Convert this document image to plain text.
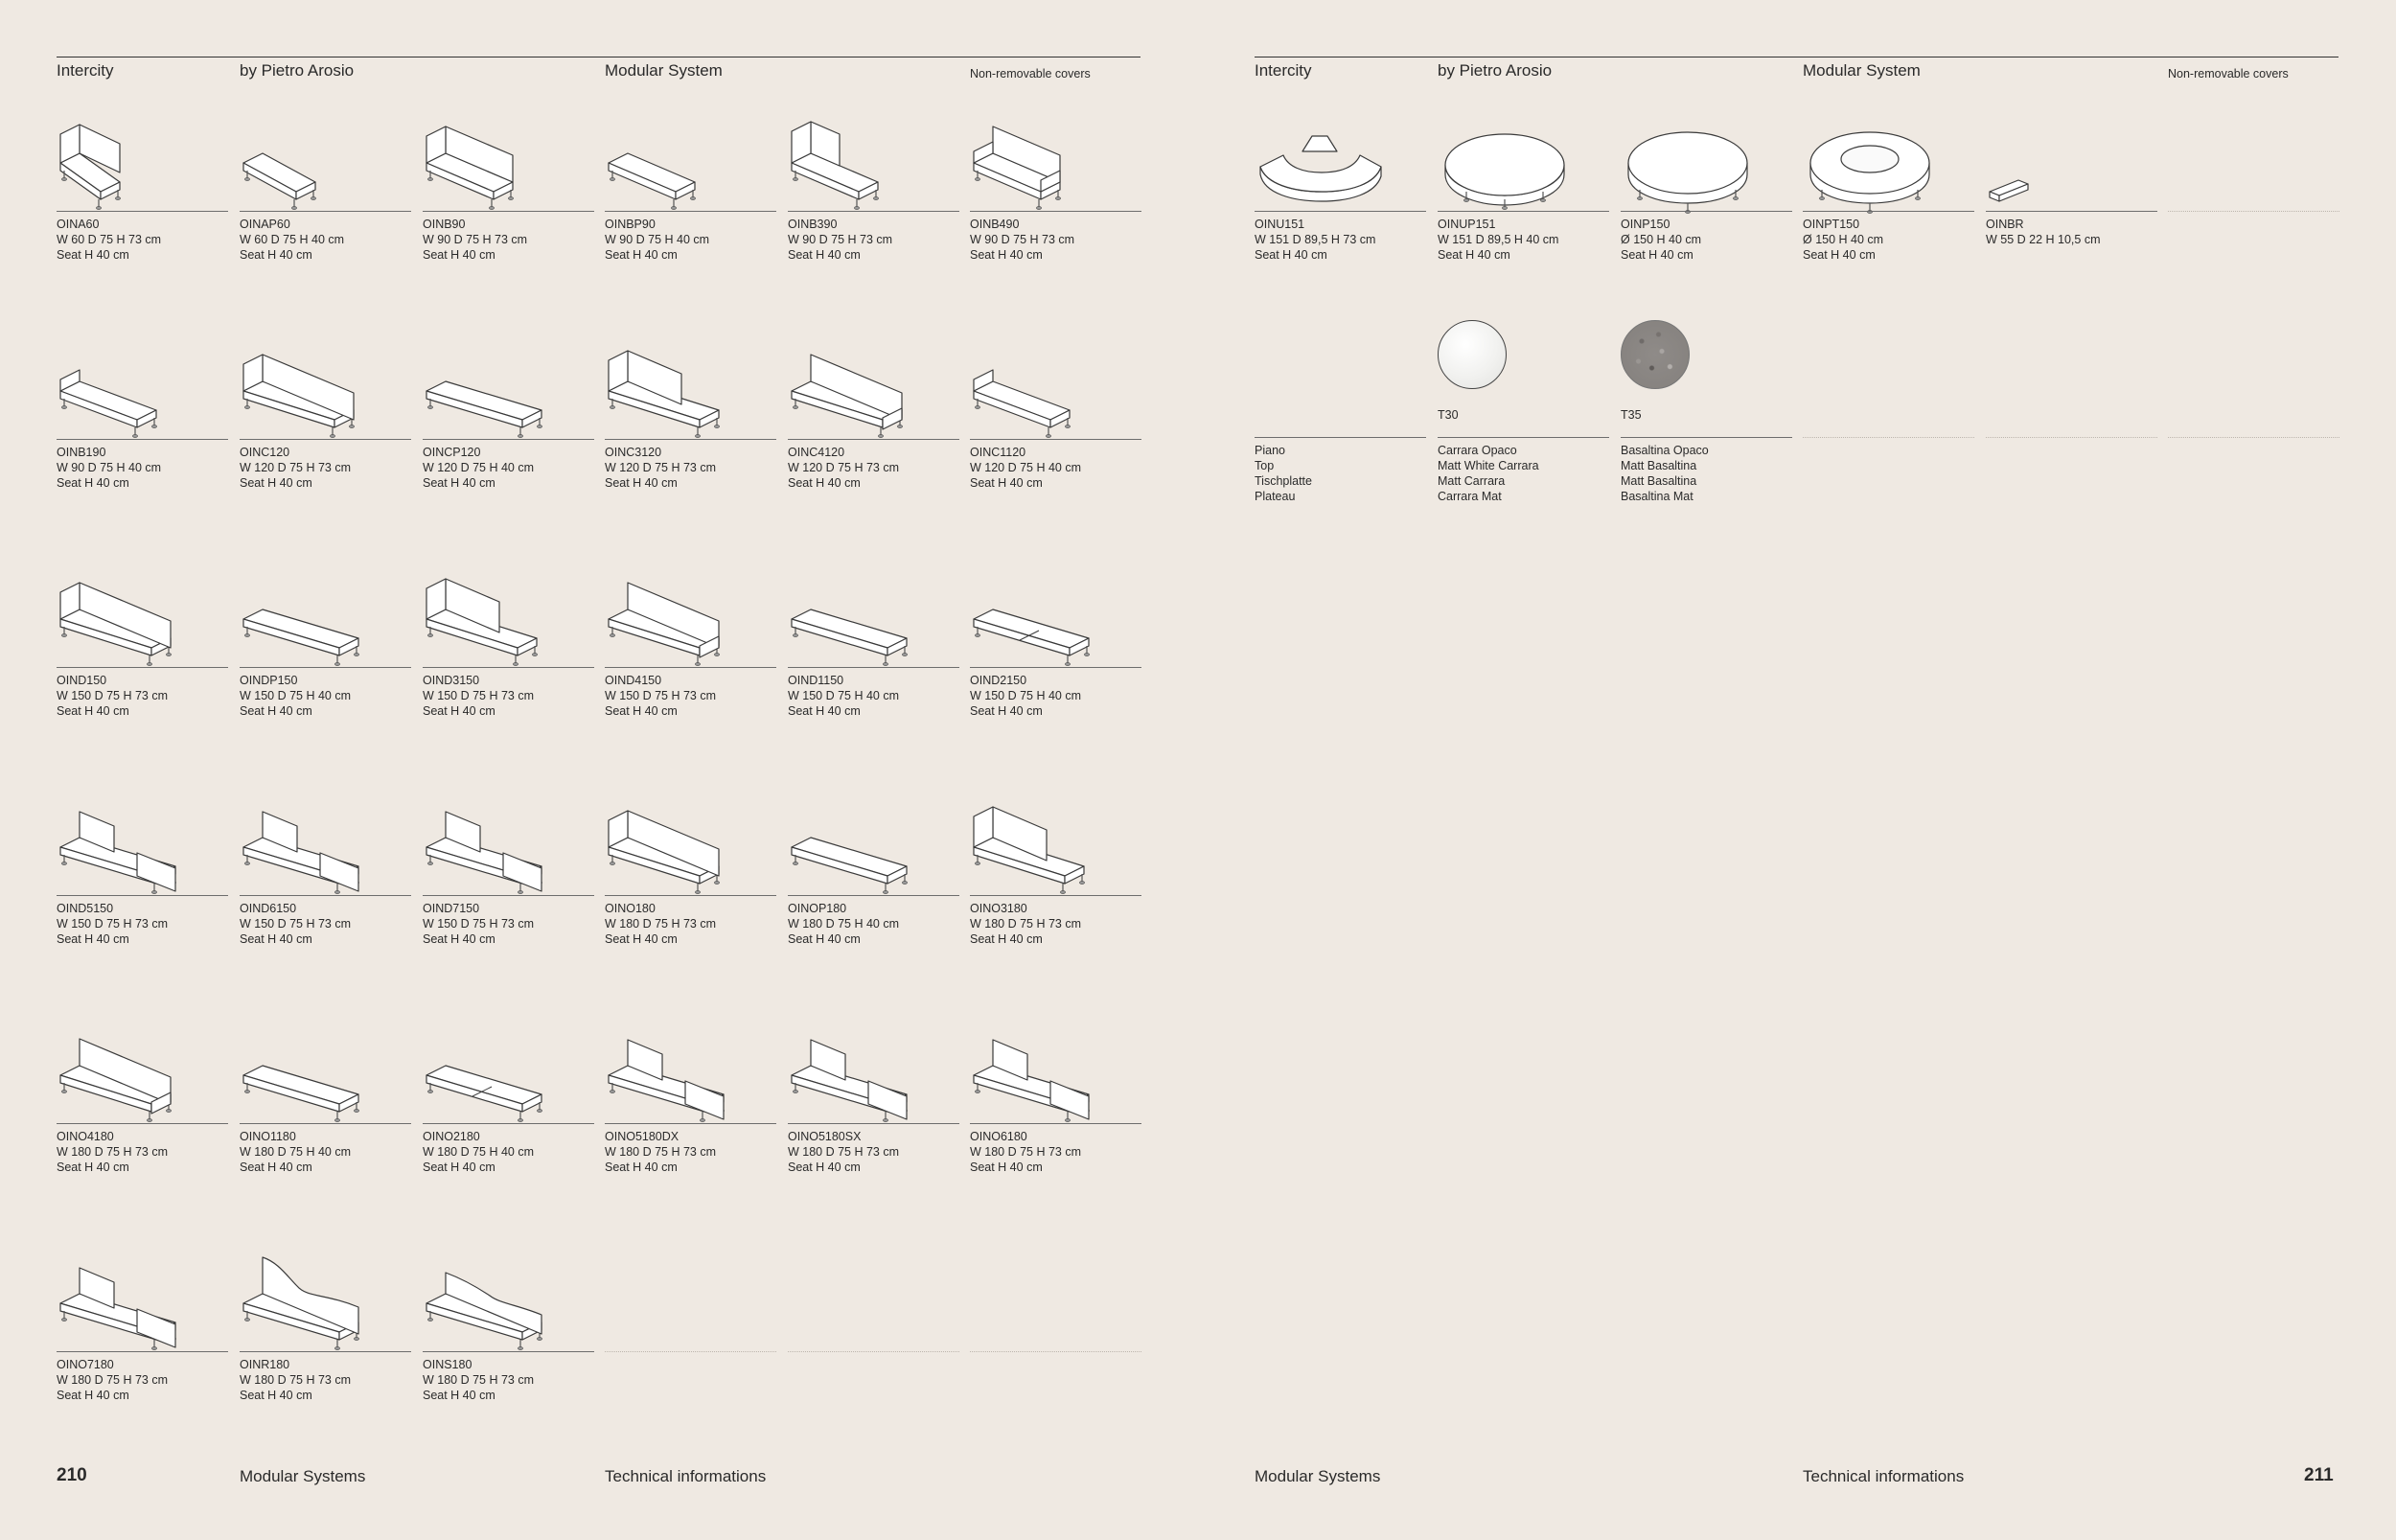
Intercity	by Pietro Arosio	Modular System	Non-removable covers
OINA60
W 60 D 75 H 73 cm
Seat H 40 cm
OINAP60
W 60 D 75 H 40 cm
Seat H 40 cm
OINB90
W 90 D 75 H 73 cm
Seat H 40 cm
OINBP90
W 90 D 75 H 40 cm
Seat H 40 cm
OINB390
W 90 D 75 H 73 cm
Seat H 40 cm
OINB490
W 90 D 75 H 73 cm
Seat H 40 cm
OINB190
W 90 D 75 H 40 cm
Seat H 40 cm
OINC120
W 120 D 75 H 73 cm
Seat H 40 cm
OINCP120
W 120 D 75 H 40 cm
Seat H 40 cm
OINC3120
W 120 D 75 H 73 cm
Seat H 40 cm
OINC4120
W 120 D 75 H 73 cm
Seat H 40 cm
OINC1120
W 120 D 75 H 40 cm
Seat H 40 cm
OIND150
W 150 D 75 H 73 cm
Seat H 40 cm
OINDP150
W 150 D 75 H 40 cm
Seat H 40 cm
OIND3150
W 150 D 75 H 73 cm
Seat H 40 cm
OIND4150
W 150 D 75 H 73 cm
Seat H 40 cm
OIND1150
W 150 D 75 H 40 cm
Seat H 40 cm
OIND2150
W 150 D 75 H 40 cm
Seat H 40 cm
OIND5150
W 150 D 75 H 73 cm
Seat H 40 cm
OIND6150
W 150 D 75 H 73 cm
Seat H 40 cm
OIND7150
W 150 D 75 H 73 cm
Seat H 40 cm
OINO180
W 180 D 75 H 73 cm
Seat H 40 cm
OINOP180
W 180 D 75 H 40 cm
Seat H 40 cm
OINO3180
W 180 D 75 H 73 cm
Seat H 40 cm
OINO4180
W 180 D 75 H 73 cm
Seat H 40 cm
OINO1180
W 180 D 75 H 40 cm
Seat H 40 cm
OINO2180
W 180 D 75 H 40 cm
Seat H 40 cm
OINO5180DX
W 180 D 75 H 73 cm
Seat H 40 cm
OINO5180SX
W 180 D 75 H 73 cm
Seat H 40 cm
OINO6180
W 180 D 75 H 73 cm
Seat H 40 cm
OINO7180
W 180 D 75 H 73 cm
Seat H 40 cm
OINR180
W 180 D 75 H 73 cm
Seat H 40 cm
OINS180
W 180 D 75 H 73 cm
Seat H 40 cm
210	Modular Systems	Technical informations
Intercity	by Pietro Arosio	Modular System	Non-removable covers
OINU151
W 151 D 89,5 H 73 cm
Seat H 40 cm
OINUP151
W 151 D 89,5 H 40 cm
Seat H 40 cm
OINP150
Ø 150 H 40 cm
Seat H 40 cm
OINPT150
Ø 150 H 40 cm
Seat H 40 cm
OINBR
W 55 D 22 H 10,5 cm
Piano
Top
Tischplatte
Plateau
T30
Carrara Opaco
Matt White Carrara
Matt Carrara
Carrara Mat
T35
Basaltina Opaco
Matt Basaltina
Matt Basaltina
Basaltina Mat
Modular Systems	Technical informations	211
